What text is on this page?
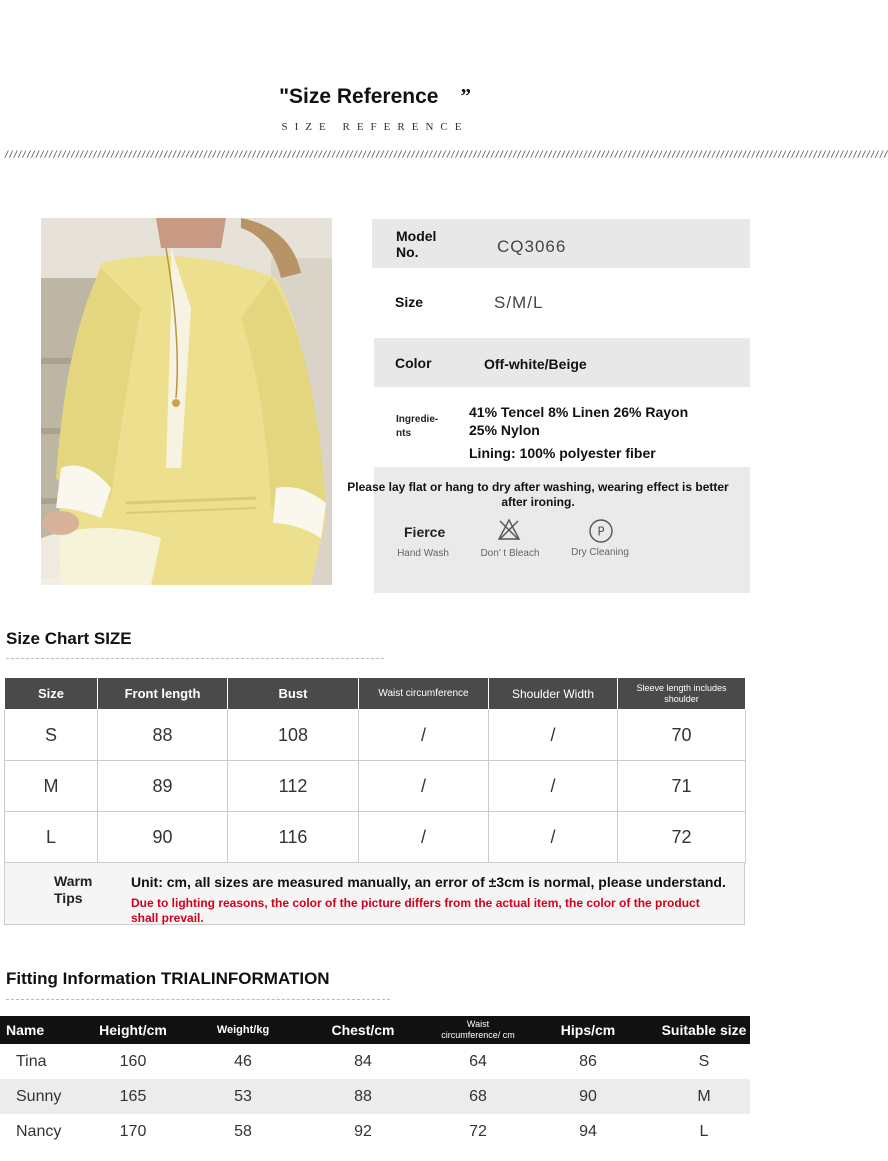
"Size Reference ”
SIZE REFERENCE
////////////////////////////////////////////////////////////////////////////////////////////////////////////////////////////////////////////////////////////////////////////////////////////////////////
Model No.	CQ3066
Size	S/M/L
Color	Off-white/Beige
Ingredie-nts
41% Tencel 8% Linen 26% Rayon 25% Nylon
Lining: 100% polyester fiber
Please lay flat or hang to dry after washing, wearing effect is better after ironing.
Fierce
Hand Wash	Don’ t Bleach
P
Dry Cleaning
Size Chart SIZE
Size	Front length	Bust	Waist circumference	Shoulder Width	Sleeve length includes shoulder
S	88	108	/	/	70
M	89	112	/	/	71
L	90	116	/	/	72
Warm Tips
Unit: cm, all sizes are measured manually, an error of ±3cm is normal, please understand.
Due to lighting reasons, the color of the picture differs from the actual item, the color of the product shall prevail.
Fitting Information TRIALINFORMATION
Name	Height/cm	Weight/kg	Chest/cm	Waist circumference/ cm	Hips/cm	Suitable size
Tina	160	46	84	64	86	S
Sunny	165	53	88	68	90	M
Nancy	170	58	92	72	94	L
